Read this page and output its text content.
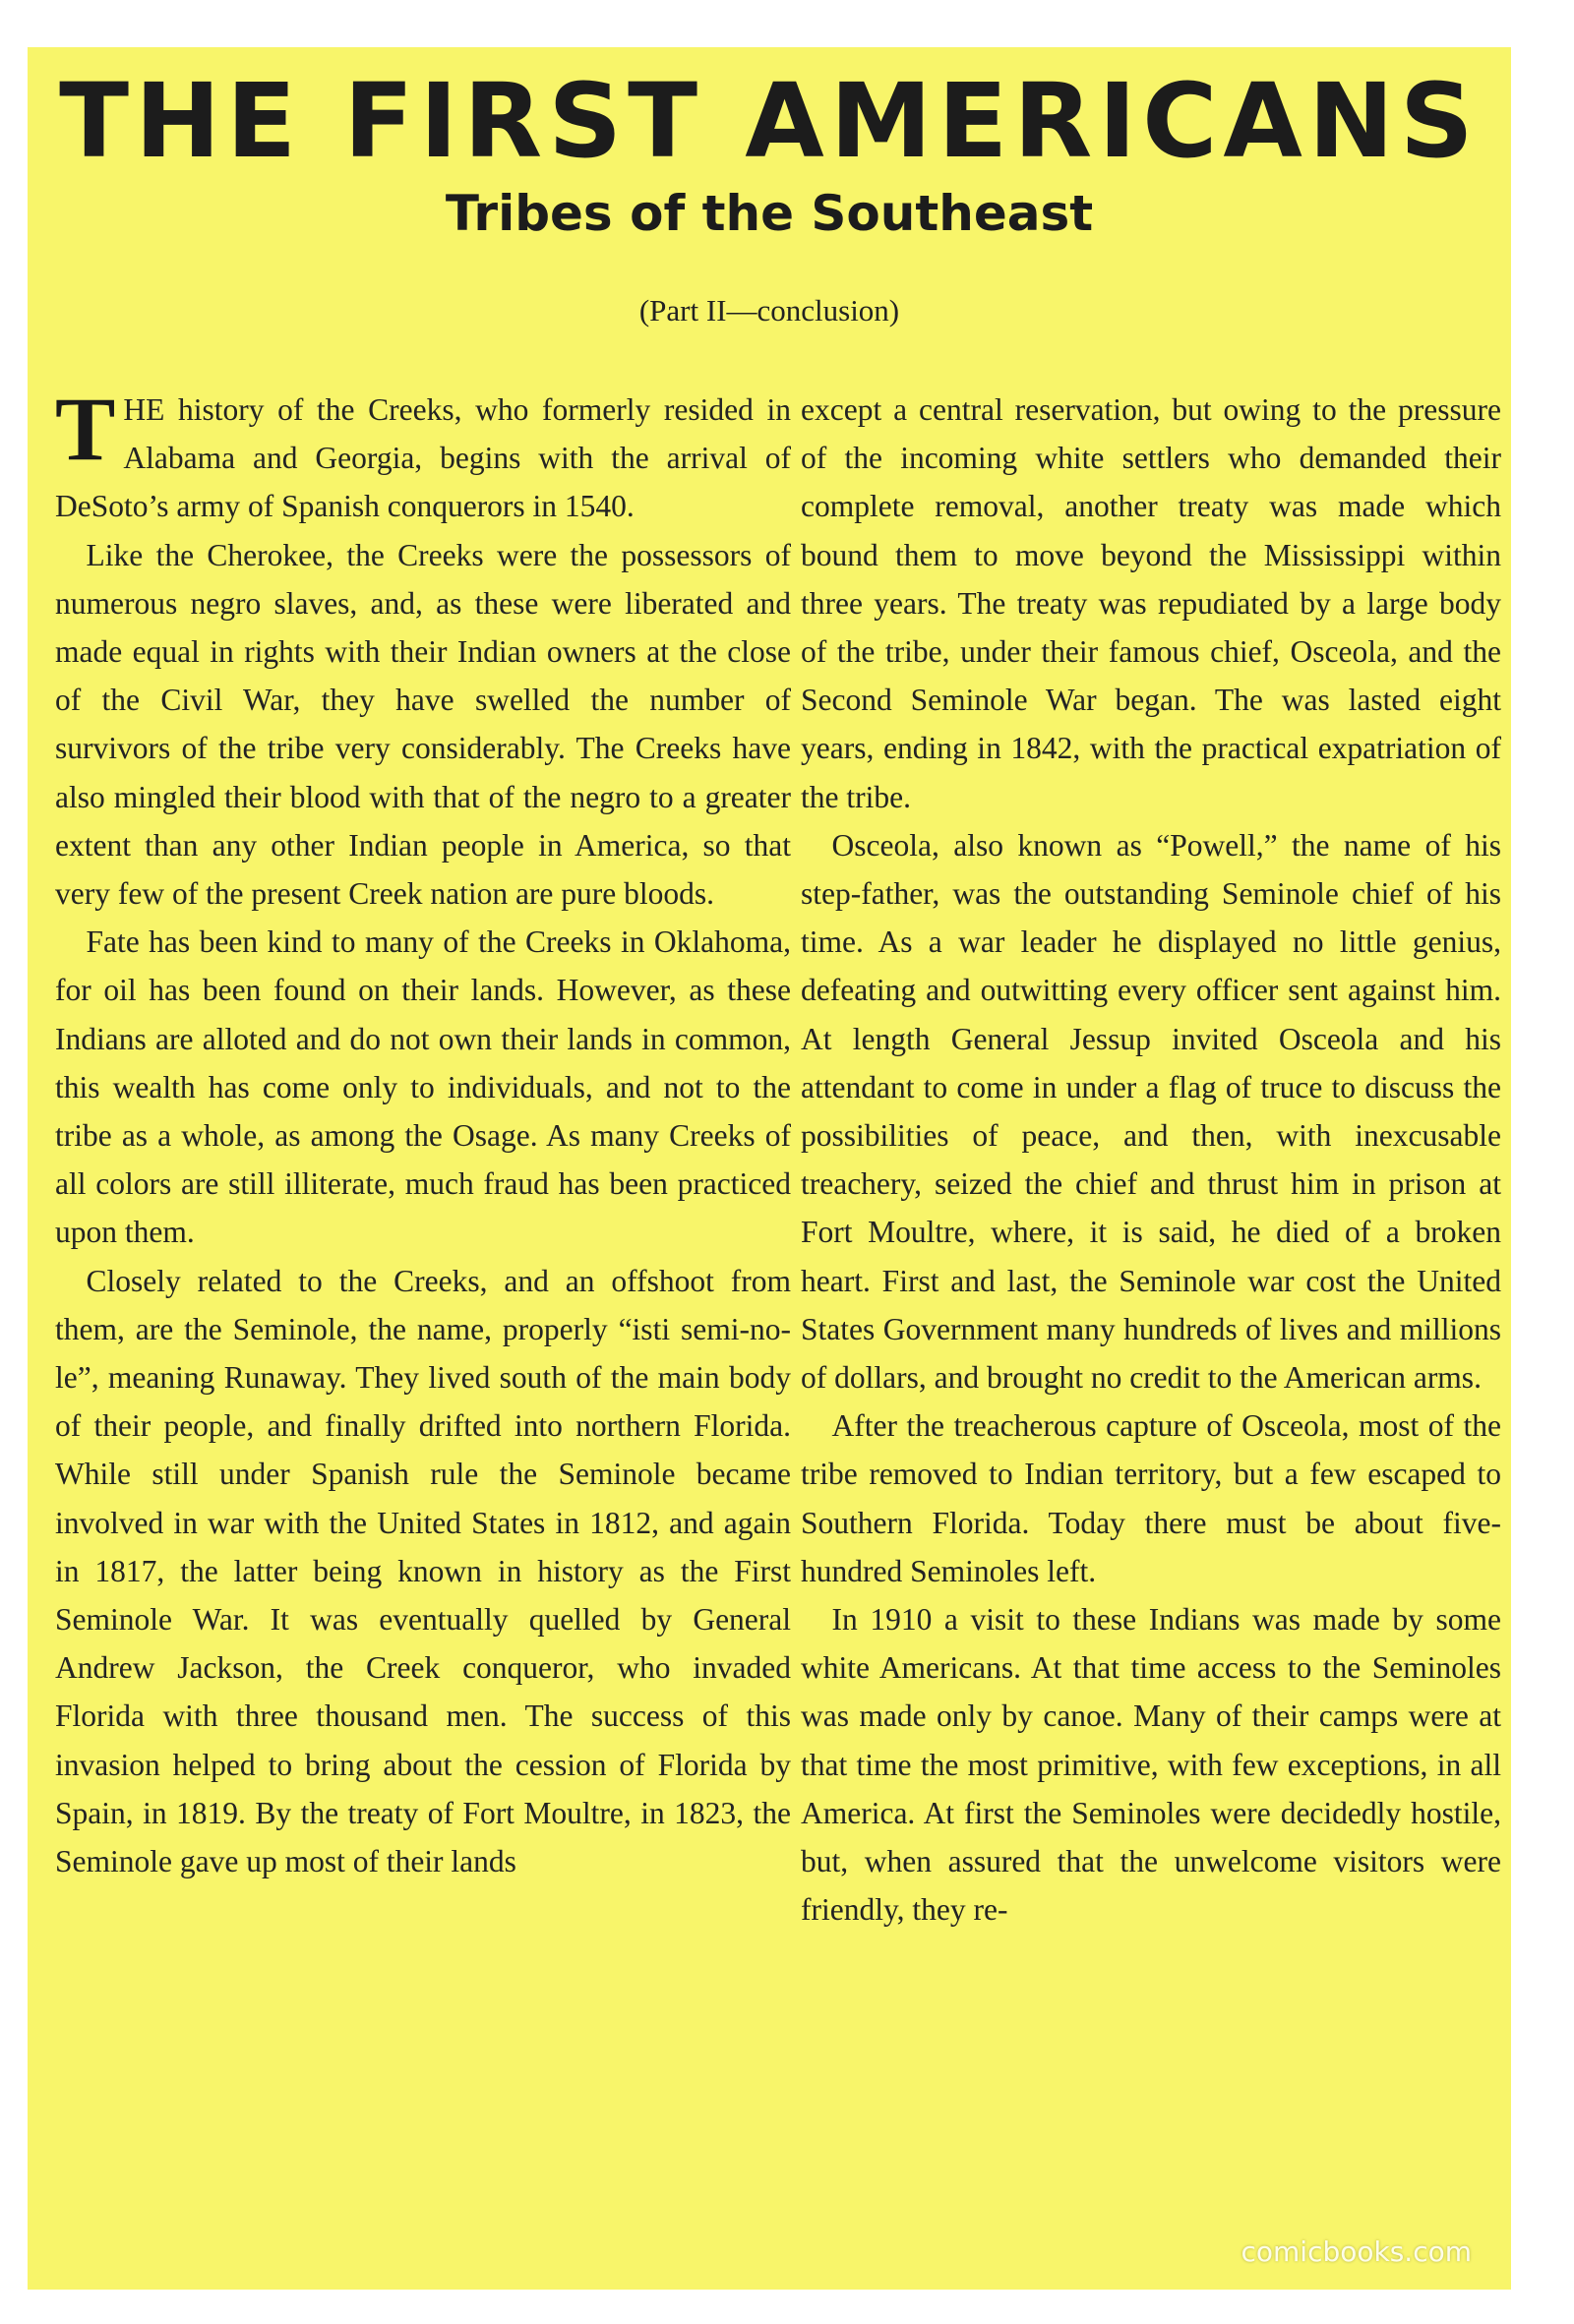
THE FIRST AMERICANS
Tribes of the Southeast
(Part II—conclusion)

THE history of the Creeks, who formerly resided in Alabama and Georgia, begins with the arrival of DeSoto’s army of Spanish conquerors in 1540.

Like the Cherokee, the Creeks were the possessors of numerous negro slaves, and, as these were liberated and made equal in rights with their Indian owners at the close of the Civil War, they have swelled the number of survivors of the tribe very considerably. The Creeks have also mingled their blood with that of the negro to a greater extent than any other Indian people in America, so that very few of the present Creek nation are pure bloods.

Fate has been kind to many of the Creeks in Oklahoma, for oil has been found on their lands. However, as these Indians are alloted and do not own their lands in common, this wealth has come only to individuals, and not to the tribe as a whole, as among the Osage. As many Creeks of all colors are still illiterate, much fraud has been practiced upon them.

Closely related to the Creeks, and an offshoot from them, are the Seminole, the name, properly “isti semi-no-le”, meaning Runaway. They lived south of the main body of their people, and finally drifted into northern Florida. While still under Spanish rule the Seminole became involved in war with the United States in 1812, and again in 1817, the latter being known in history as the First Seminole War. It was eventually quelled by General Andrew Jackson, the Creek conqueror, who invaded Florida with three thousand men. The success of this invasion helped to bring about the cession of Florida by Spain, in 1819. By the treaty of Fort Moultre, in 1823, the Seminole gave up most of their lands

except a central reservation, but owing to the pressure of the incoming white settlers who demanded their complete removal, another treaty was made which bound them to move beyond the Mississippi within three years. The treaty was repudiated by a large body of the tribe, under their famous chief, Osceola, and the Second Seminole War began. The was lasted eight years, ending in 1842, with the practical expatriation of the tribe.

Osceola, also known as “Powell,” the name of his step-father, was the outstanding Seminole chief of his time. As a war leader he displayed no little genius, defeating and outwitting every officer sent against him. At length General Jessup invited Osceola and his attendant to come in under a flag of truce to discuss the possibilities of peace, and then, with inexcusable treachery, seized the chief and thrust him in prison at Fort Moultre, where, it is said, he died of a broken heart. First and last, the Seminole war cost the United States Government many hundreds of lives and millions of dollars, and brought no credit to the American arms.

After the treacherous capture of Osceola, most of the tribe removed to Indian territory, but a few escaped to Southern Florida. Today there must be about five-hundred Seminoles left.

In 1910 a visit to these Indians was made by some white Americans. At that time access to the Seminoles was made only by canoe. Many of their camps were at that time the most primitive, with few exceptions, in all America. At first the Seminoles were decidedly hostile, but, when assured that the unwelcome visitors were friendly, they re-

comicbooks.com
